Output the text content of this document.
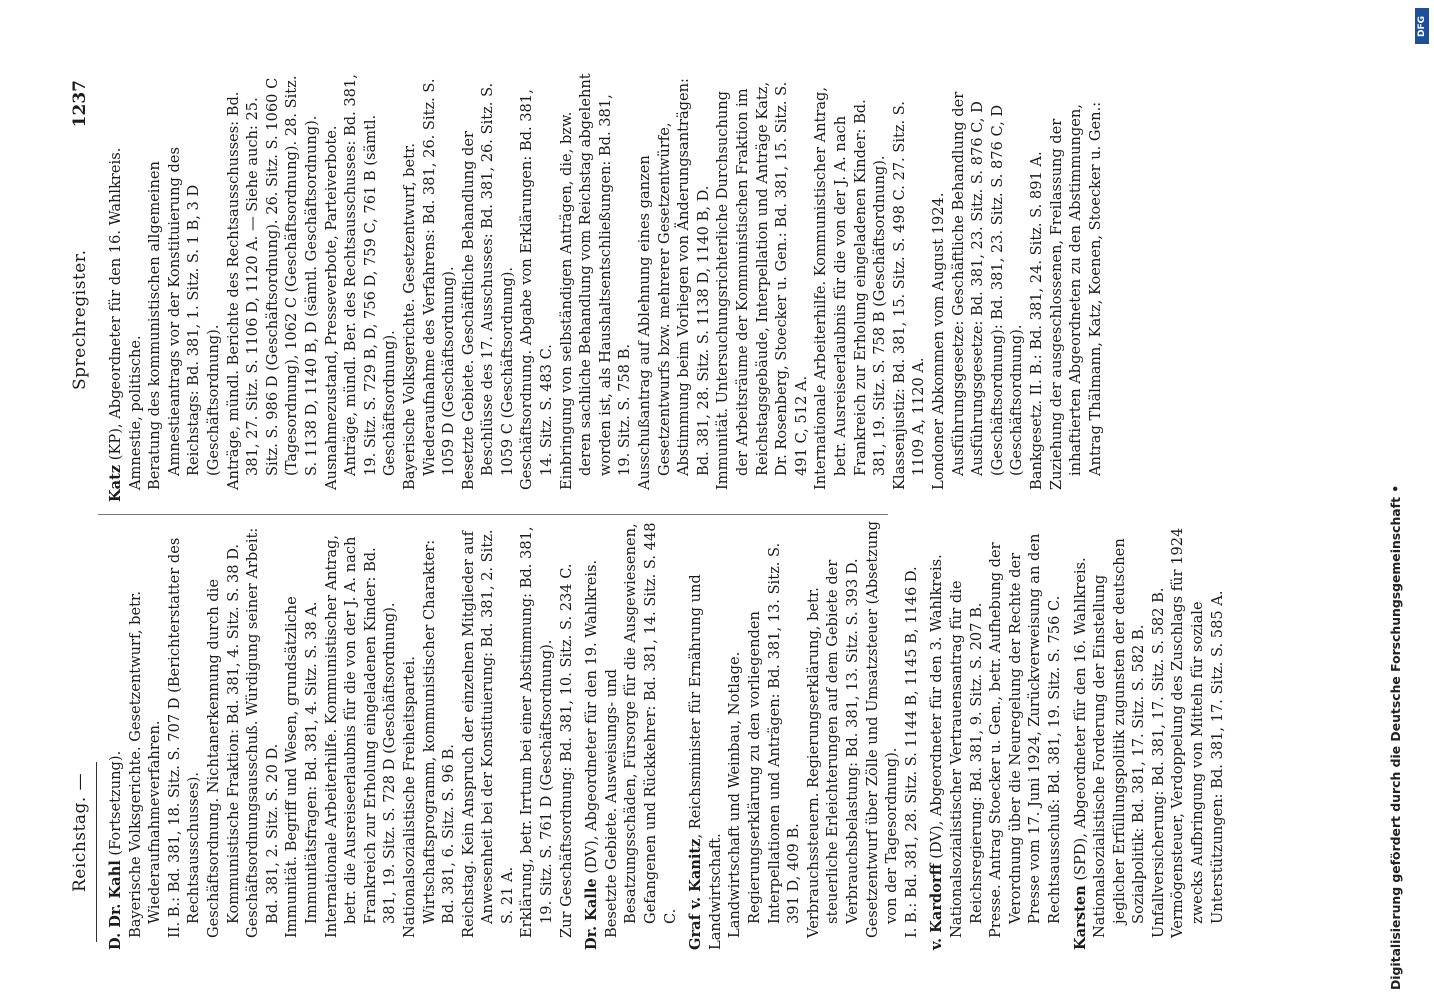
Reichstag. —
Sprechregister.
1237

D. Dr. Kahl (Fortsetzung). Bayerische Volksgerichte. Gesetzentwurf, betr. Wiederaufnahmeverfahren. II. B.: Bd. 381, 18. Sitz. S. 707 D (Berichterstatter des Rechtsausschusses). Geschäftsordnung. Nichtanerkennung durch die Kommunistische Fraktion: Bd. 381, 4. Sitz. S. 38 D. Geschäftsordnungsausschuß. Würdigung seiner Arbeit: Bd. 381, 2. Sitz. S. 20 D. Immunität. Begriff und Wesen, grundsätzliche Immunitätsfragen: Bd. 381, 4. Sitz. S. 38 A. Internationale Arbeiterhilfe. Kommunistischer Antrag, betr. die Ausreiseerlaubnis für die von der J. A. nach Frankreich zur Erholung eingeladenen Kinder: Bd. 381, 19. Sitz. S. 728 D (Geschäftsordnung). Nationalsozialistische Freiheitspartei. Wirtschaftsprogramm, kommunistischer Charakter: Bd. 381, 6. Sitz. S. 96 B. Reichstag. Kein Anspruch der einzelnen Mitglieder auf Anwesenheit bei der Konstituierung: Bd. 381, 2. Sitz. S. 21 A. Erklärung, betr. Irrtum bei einer Abstimmung: Bd. 381, 19. Sitz. S. 761 D (Geschäftsordnung). Zur Geschäftsordnung: Bd. 381, 10. Sitz. S. 234 C. Dr. Kalle (DV), Abgeordneter für den 19. Wahlkreis. Besetzte Gebiete. Ausweisungs- und Besatzungsschäden, Fürsorge für die Ausgewiesenen, Gefangenen und Rückkehrer: Bd. 381, 14. Sitz. S. 448 C. Graf v. Kanitz, Reichsminister für Ernährung und Landwirtschaft. Landwirtschaft und Weinbau, Notlage. Regierungserklärung zu den vorliegenden Interpellationen und Anträgen: Bd. 381, 13. Sitz. S. 391 D, 409 B. Verbrauchssteuern. Regierungserklärung, betr. steuerliche Erleichterungen auf dem Gebiete der Verbrauchsbelastung: Bd. 381, 13. Sitz. S. 393 D. Gesetzentwurf über Zölle und Umsatzsteuer (Absetzung von der Tagesordnung). I. B.: Bd. 381, 28. Sitz. S. 1144 B, 1145 B, 1146 D. v. Kardorff (DV), Abgeordneter für den 3. Wahlkreis. Nationalsozialistischer Vertrauensantrag für die Reichsregierung: Bd. 381, 9. Sitz. S. 207 B. Presse. Antrag Stoecker u. Gen., betr. Aufhebung der Verordnung über die Neuregelung der Rechte der Presse vom 17. Juni 1924, Zurückverweisung an den Rechtsausschuß: Bd. 381, 19. Sitz. S. 756 C. Karsten (SPD), Abgeordneter für den 16. Wahlkreis. Nationalsozialistische Forderung der Einstellung jeglicher Erfüllungspolitik zugunsten der deutschen Sozialpolitik: Bd. 381, 17. Sitz. S. 582 B. Unfallversicherung: Bd. 381, 17. Sitz. S. 582 B. Vermögensteuer, Verdoppelung des Zuschlags für 1924 zwecks Aufbringung von Mitteln für soziale Unterstützungen: Bd. 381, 17. Sitz. S. 585 A.

Katz (KP), Abgeordneter für den 16. Wahlkreis. Amnestie, politische. Beratung des kommunistischen allgemeinen Amnestieantrags vor der Konstituierung des Reichstags: Bd. 381, 1. Sitz. S. 1 B, 3 D (Geschäftsordnung). Anträge, mündl. Berichte des Rechtsausschusses: Bd. 381, 27. Sitz. S. 1106 D, 1120 A. — Siehe auch: 25. Sitz. S. 986 D (Geschäftsordnung). 26. Sitz. S. 1060 C (Tagesordnung), 1062 C (Geschäftsordnung). 28. Sitz. S. 1138 D, 1140 B, D (sämtl. Geschäftsordnung). Ausnahmezustand, Presseverbote, Parteiverbote. Anträge, mündl. Ber. des Rechtsausschusses: Bd. 381, 19. Sitz. S. 729 B, D, 756 D, 759 C, 761 B (sämtl. Geschäftsordnung). Bayerische Volksgerichte. Gesetzentwurf, betr. Wiederaufnahme des Verfahrens: Bd. 381, 26. Sitz. S. 1059 D (Geschäftsordnung). Besetzte Gebiete. Geschäftliche Behandlung der Beschlüsse des 17. Ausschusses: Bd. 381, 26. Sitz. S. 1059 C (Geschäftsordnung). Geschäftsordnung. Abgabe von Erklärungen: Bd. 381, 14. Sitz. S. 483 C. Einbringung von selbständigen Anträgen, die, bzw. deren sachliche Behandlung vom Reichstag abgelehnt worden ist, als Haushaltsentschließungen: Bd. 381, 19. Sitz. S. 758 B. Ausschußantrag auf Ablehnung eines ganzen Gesetzentwurfs bzw. mehrerer Gesetzentwürfe, Abstimmung beim Vorliegen von Änderungsanträgen: Bd. 381, 28. Sitz. S. 1138 D, 1140 B, D. Immunität. Untersuchungsrichterliche Durchsuchung der Arbeitsräume der Kommunistischen Fraktion im Reichstagsgebäude, Interpellation und Anträge Katz, Dr. Rosenberg, Stoecker u. Gen.: Bd. 381, 15. Sitz. S. 491 C, 512 A. Internationale Arbeiterhilfe. Kommunistischer Antrag, betr. Ausreiseerlaubnis für die von der J. A. nach Frankreich zur Erholung eingeladenen Kinder: Bd. 381, 19. Sitz. S. 758 B (Geschäftsordnung). Klassenjustiz: Bd. 381, 15. Sitz. S. 498 C. 27. Sitz. S. 1109 A, 1120 A. Londoner Abkommen vom August 1924. Ausführungsgesetze: Geschäftliche Behandlung der Ausführungsgesetze: Bd. 381, 23. Sitz. S. 876 C, D (Geschäftsordnung): Bd. 381, 23. Sitz. S. 876 C, D (Geschäftsordnung). Bankgesetz. II. B.: Bd. 381, 24. Sitz. S. 891 A. Zuziehung der ausgeschlossenen, Freilassung der inhaftierten Abgeordneten zu den Abstimmungen, Antrag Thälmann, Katz, Koenen, Stoecker u. Gen.:

Digitalisierung gefördert durch die Deutsche Forschungsgemeinschaft •
DFG
